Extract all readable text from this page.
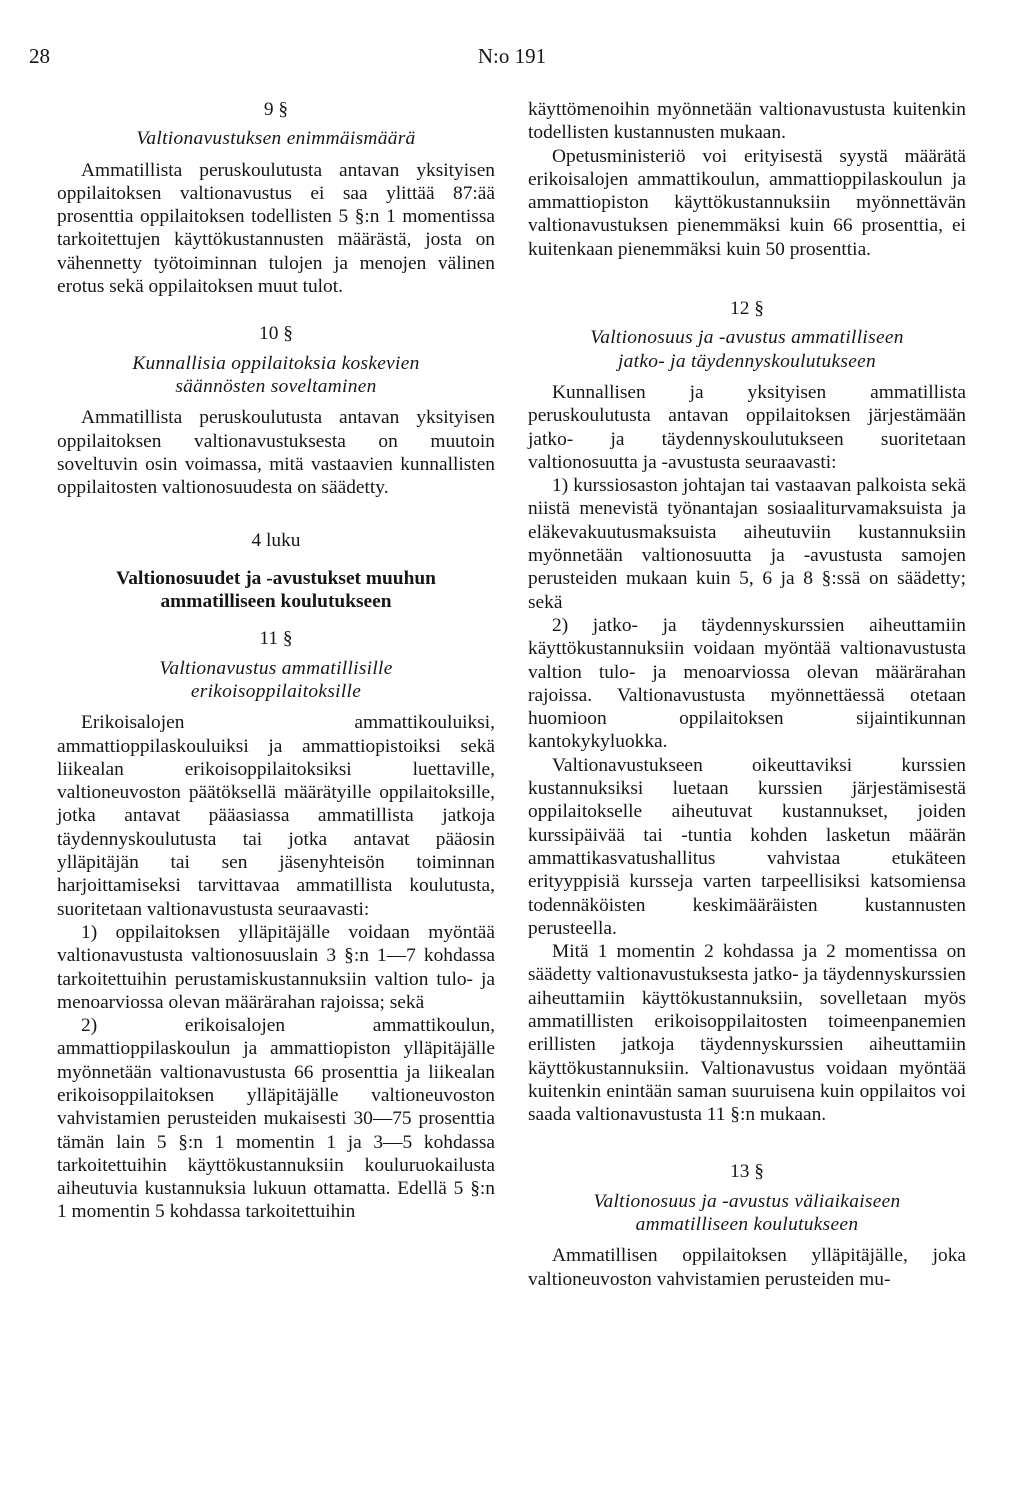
28	N:o 191
9 §
Valtionavustuksen enimmäismäärä

Ammatillista peruskoulutusta antavan yksityisen oppilaitoksen valtionavustus ei saa ylittää 87:ää prosenttia oppilaitoksen todellisten 5 §:n 1 momentissa tarkoitettujen käyttökustannusten määrästä, josta on vähennetty työtoiminnan tulojen ja menojen välinen erotus sekä oppilaitoksen muut tulot.

10 §
Kunnallisia oppilaitoksia koskevien
säännösten soveltaminen

Ammatillista peruskoulutusta antavan yksityisen oppilaitoksen valtionavustuksesta on muutoin soveltuvin osin voimassa, mitä vastaavien kunnallisten oppilaitosten valtionosuudesta on säädetty.

4 luku
Valtionosuudet ja -avustukset muuhun
ammatilliseen koulutukseen
11 §
Valtionavustus ammatillisille
erikoisoppilaitoksille

Erikoisalojen ammattikouluiksi, ammattioppilaskouluiksi ja ammattiopistoiksi sekä liikealan erikoisoppilaitoksiksi luettaville, valtioneuvoston päätöksellä määrätyille oppilaitoksille, jotka antavat pääasiassa ammatillista jatkoja täydennyskoulutusta tai jotka antavat pääosin ylläpitäjän tai sen jäsenyhteisön toiminnan harjoittamiseksi tarvittavaa ammatillista koulutusta, suoritetaan valtionavustusta seuraavasti:

1) oppilaitoksen ylläpitäjälle voidaan myöntää valtionavustusta valtionosuuslain 3 §:n 1—7 kohdassa tarkoitettuihin perustamiskustannuksiin valtion tulo- ja menoarviossa olevan määrärahan rajoissa; sekä

2) erikoisalojen ammattikoulun, ammattioppilaskoulun ja ammattiopiston ylläpitäjälle myönnetään valtionavustusta 66 prosenttia ja liikealan erikoisoppilaitoksen ylläpitäjälle valtioneuvoston vahvistamien perusteiden mukaisesti 30—75 prosenttia tämän lain 5 §:n 1 momentin 1 ja 3—5 kohdassa tarkoitettuihin käyttökustannuksiin kouluruokailusta aiheutuvia kustannuksia lukuun ottamatta. Edellä 5 §:n 1 momentin 5 kohdassa tarkoitettuihin

käyttömenoihin myönnetään valtionavustusta kuitenkin todellisten kustannusten mukaan.

Opetusministeriö voi erityisestä syystä määrätä erikoisalojen ammattikoulun, ammattioppilaskoulun ja ammattiopiston käyttökustannuksiin myönnettävän valtionavustuksen pienemmäksi kuin 66 prosenttia, ei kuitenkaan pienemmäksi kuin 50 prosenttia.

12 §
Valtionosuus ja -avustus ammatilliseen
jatko- ja täydennyskoulutukseen

Kunnallisen ja yksityisen ammatillista peruskoulutusta antavan oppilaitoksen järjestämään jatko- ja täydennyskoulutukseen suoritetaan valtionosuutta ja -avustusta seuraavasti:

1) kurssiosaston johtajan tai vastaavan palkoista sekä niistä menevistä työnantajan sosiaaliturvamaksuista ja eläkevakuutusmaksuista aiheutuviin kustannuksiin myönnetään valtionosuutta ja -avustusta samojen perusteiden mukaan kuin 5, 6 ja 8 §:ssä on säädetty; sekä

2) jatko- ja täydennyskurssien aiheuttamiin käyttökustannuksiin voidaan myöntää valtionavustusta valtion tulo- ja menoarviossa olevan määrärahan rajoissa. Valtionavustusta myönnettäessä otetaan huomioon oppilaitoksen sijaintikunnan kantokykyluokka.

Valtionavustukseen oikeuttaviksi kurssien kustannuksiksi luetaan kurssien järjestämisestä oppilaitokselle aiheutuvat kustannukset, joiden kurssipäivää tai -tuntia kohden lasketun määrän ammattikasvatushallitus vahvistaa etukäteen erityyppisiä kursseja varten tarpeellisiksi katsomiensa todennäköisten keskimääräisten kustannusten perusteella.

Mitä 1 momentin 2 kohdassa ja 2 momentissa on säädetty valtionavustuksesta jatko- ja täydennyskurssien aiheuttamiin käyttökustannuksiin, sovelletaan myös ammatillisten erikoisoppilaitosten toimeenpanemien erillisten jatkoja täydennyskurssien aiheuttamiin käyttökustannuksiin. Valtionavustus voidaan myöntää kuitenkin enintään saman suuruisena kuin oppilaitos voi saada valtionavustusta 11 §:n mukaan.

13 §
Valtionosuus ja -avustus väliaikaiseen
ammatilliseen koulutukseen

Ammatillisen oppilaitoksen ylläpitäjälle, joka valtioneuvoston vahvistamien perusteiden mu-
